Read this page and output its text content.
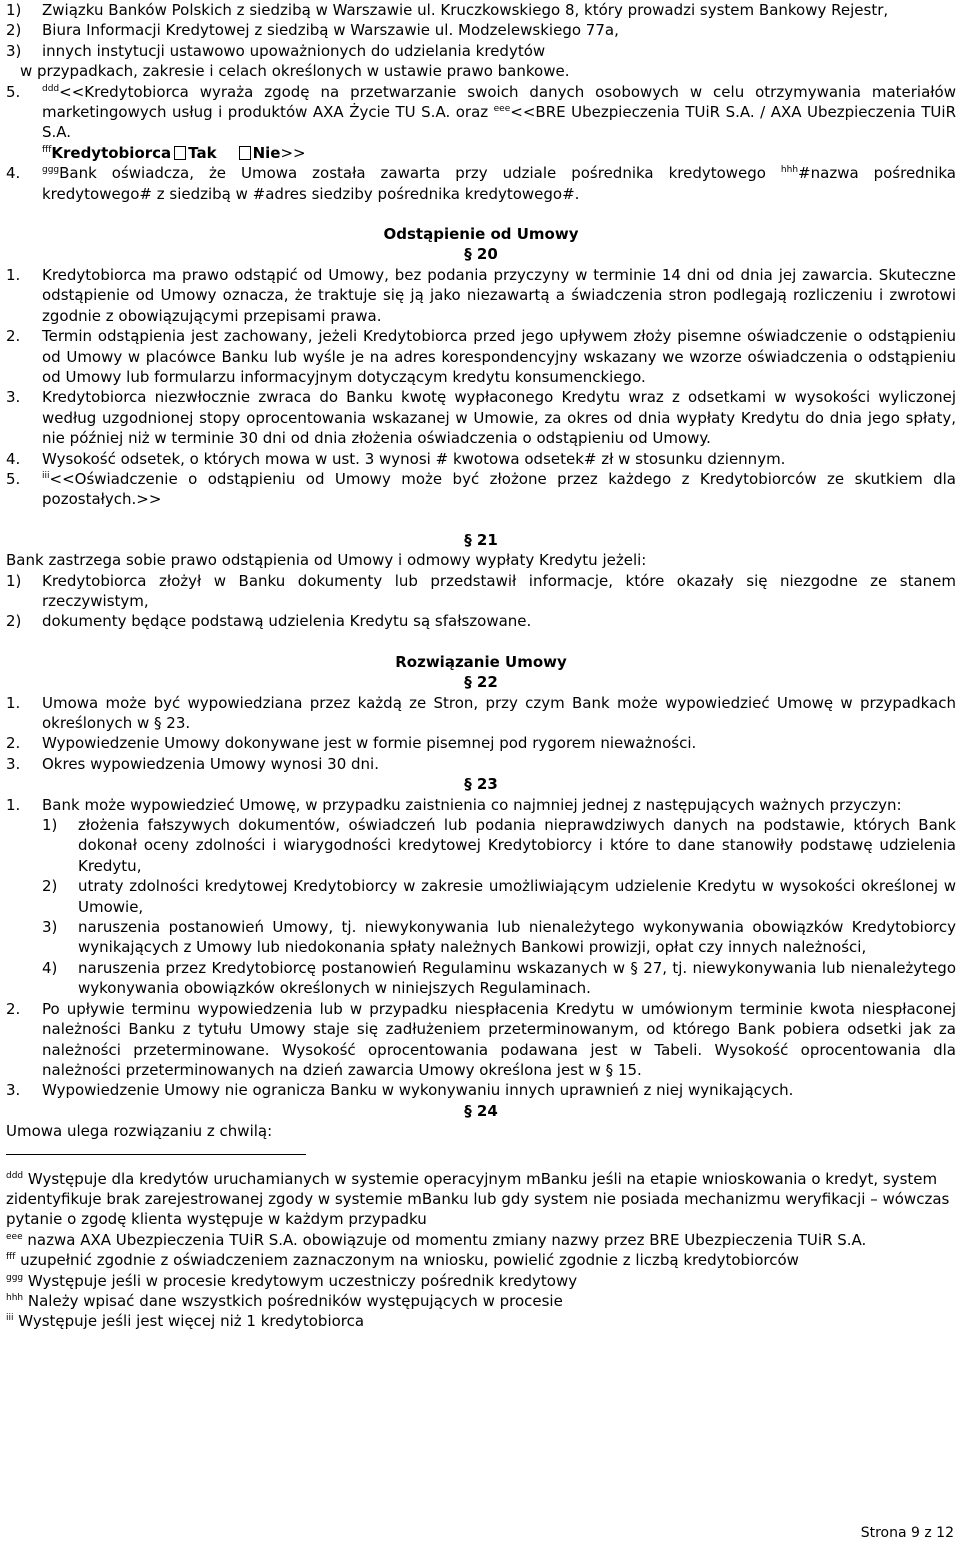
1) Związku Banków Polskich z siedzibą w Warszawie ul. Kruczkowskiego 8, który prowadzi system Bankowy Rejestr,
2) Biura Informacji Kredytowej z siedzibą w Warszawie ul. Modzelewskiego 77a,
3) innych instytucji ustawowo upoważnionych do udzielania kredytów
w przypadkach, zakresie i celach określonych w ustawie prawo bankowe.
5. $^{ddd}$<<Kredytobiorca wyraża zgodę na przetwarzanie swoich danych osobowych w celu otrzymywania materiałów marketingowych usług i produktów AXA Życie TU S.A. oraz $^{eee}$<<BRE Ubezpieczenia TUiR S.A. / AXA Ubezpieczenia TUiR S.A.
$^{fff}$Kredytobiorca Tak Nie>>
4. $^{ggg}$Bank oświadcza, że Umowa została zawarta przy udziale pośrednika kredytowego $^{hhh}$#nazwa pośrednika kredytowego# z siedzibą w #adres siedziby pośrednika kredytowego#.
Odstąpienie od Umowy
§ 20
1. Kredytobiorca ma prawo odstąpić od Umowy, bez podania przyczyny w terminie 14 dni od dnia jej zawarcia. Skuteczne odstąpienie od Umowy oznacza, że traktuje się ją jako niezawartą a świadczenia stron podlegają rozliczeniu i zwrotowi zgodnie z obowiązującymi przepisami prawa.
2. Termin odstąpienia jest zachowany, jeżeli Kredytobiorca przed jego upływem złoży pisemne oświadczenie o odstąpieniu od Umowy w placówce Banku lub wyśle je na adres korespondencyjny wskazany we wzorze oświadczenia o odstąpieniu od Umowy lub formularzu informacyjnym dotyczącym kredytu konsumenckiego.
3. Kredytobiorca niezwłocznie zwraca do Banku kwotę wypłaconego Kredytu wraz z odsetkami w wysokości wyliczonej według uzgodnionej stopy oprocentowania wskazanej w Umowie, za okres od dnia wypłaty Kredytu do dnia jego spłaty, nie później niż w terminie 30 dni od dnia złożenia oświadczenia o odstąpieniu od Umowy.
4. Wysokość odsetek, o których mowa w ust. 3 wynosi # kwotowa odsetek# zł w stosunku dziennym.
5. $^{iii}$<<Oświadczenie o odstąpieniu od Umowy może być złożone przez każdego z Kredytobiorców ze skutkiem dla pozostałych.>>
§ 21
Bank zastrzega sobie prawo odstąpienia od Umowy i odmowy wypłaty Kredytu jeżeli:
1) Kredytobiorca złożył w Banku dokumenty lub przedstawił informacje, które okazały się niezgodne ze stanem rzeczywistym,
2) dokumenty będące podstawą udzielenia Kredytu są sfałszowane.
Rozwiązanie Umowy
§ 22
1. Umowa może być wypowiedziana przez każdą ze Stron, przy czym Bank może wypowiedzieć Umowę w przypadkach określonych w § 23.
2. Wypowiedzenie Umowy dokonywane jest w formie pisemnej pod rygorem nieważności.
3. Okres wypowiedzenia Umowy wynosi 30 dni.
§ 23
1. Bank może wypowiedzieć Umowę, w przypadku zaistnienia co najmniej jednej z następujących ważnych przyczyn:
1) złożenia fałszywych dokumentów, oświadczeń lub podania nieprawdziwych danych na podstawie, których Bank dokonał oceny zdolności i wiarygodności kredytowej Kredytobiorcy i które to dane stanowiły podstawę udzielenia Kredytu,
2) utraty zdolności kredytowej Kredytobiorcy w zakresie umożliwiającym udzielenie Kredytu w wysokości określonej w Umowie,
3) naruszenia postanowień Umowy, tj. niewykonywania lub nienależytego wykonywania obowiązków Kredytobiorcy wynikających z Umowy lub niedokonania spłaty należnych Bankowi prowizji, opłat czy innych należności,
4) naruszenia przez Kredytobiorcę postanowień Regulaminu wskazanych w § 27, tj. niewykonywania lub nienależytego wykonywania obowiązków określonych w niniejszych Regulaminach.
2. Po upływie terminu wypowiedzenia lub w przypadku niespłacenia Kredytu w umówionym terminie kwota niespłaconej należności Banku z tytułu Umowy staje się zadłużeniem przeterminowanym, od którego Bank pobiera odsetki jak za należności przeterminowane. Wysokość oprocentowania podawana jest w Tabeli. Wysokość oprocentowania dla należności przeterminowanych na dzień zawarcia Umowy określona jest w § 15.
3. Wypowiedzenie Umowy nie ogranicza Banku w wykonywaniu innych uprawnień z niej wynikających.
§ 24
Umowa ulega rozwiązaniu z chwilą:
$^{ddd}$ Występuje dla kredytów uruchamianych w systemie operacyjnym mBanku jeśli na etapie wnioskowania o kredyt, system zidentyfikuje brak zarejestrowanej zgody w systemie mBanku lub gdy system nie posiada mechanizmu weryfikacji – wówczas pytanie o zgodę klienta występuje w każdym przypadku
$^{eee}$ nazwa AXA Ubezpieczenia TUiR S.A. obowiązuje od momentu zmiany nazwy przez BRE Ubezpieczenia TUiR S.A.
$^{fff}$ uzupełnić zgodnie z oświadczeniem zaznaczonym na wniosku, powielić zgodnie z liczbą kredytobiorców
$^{ggg}$ Występuje jeśli w procesie kredytowym uczestniczy pośrednik kredytowy
$^{hhh}$ Należy wpisać dane wszystkich pośredników występujących w procesie
$^{iii}$ Występuje jeśli jest więcej niż 1 kredytobiorca
Strona 9 z 12
